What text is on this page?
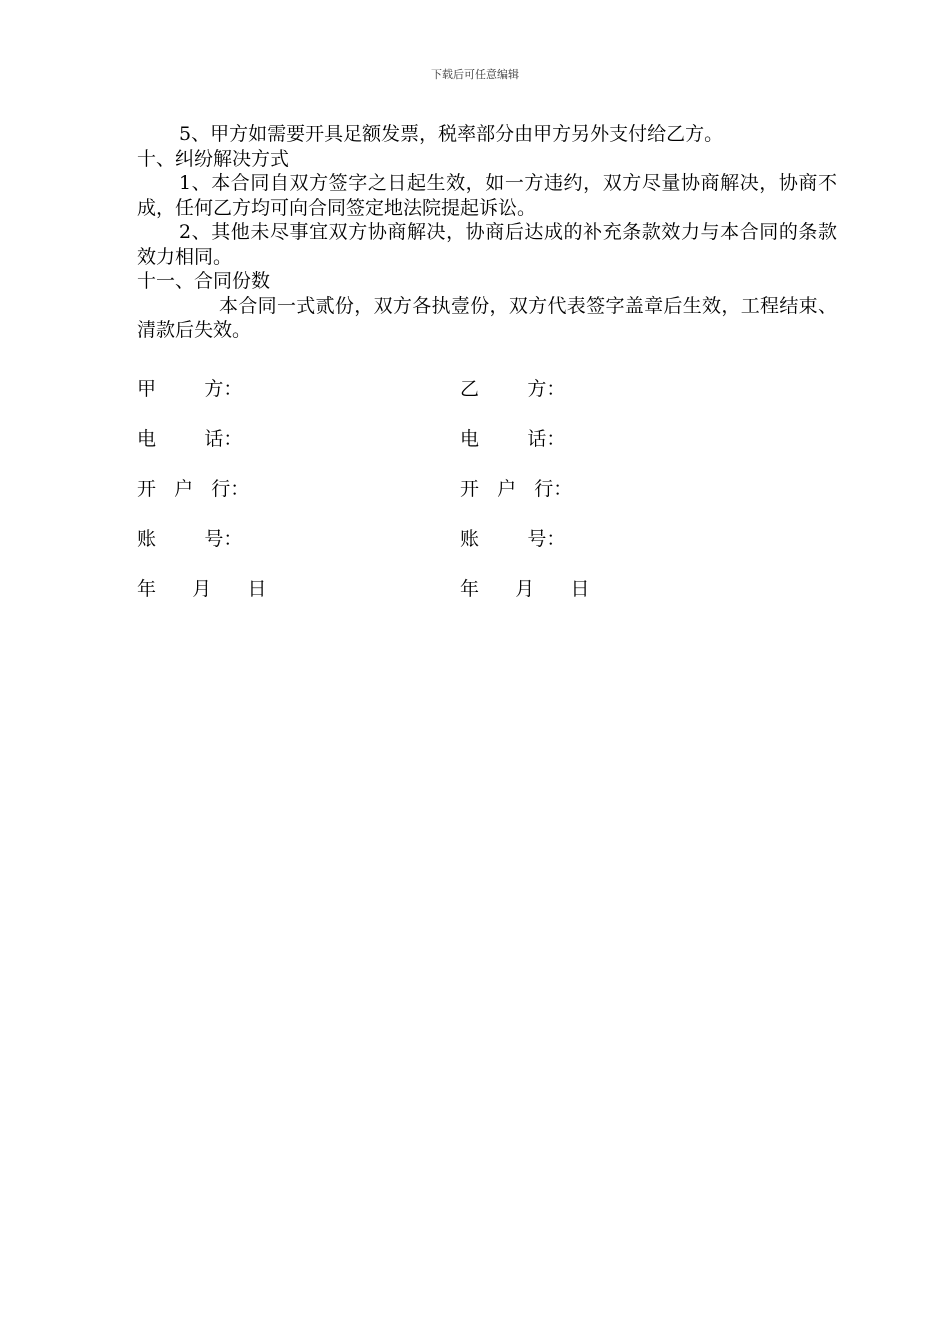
下载后可任意编辑

5、甲方如需要开具足额发票，税率部分由甲方另外支付给乙方。

十、纠纷解决方式

1、本合同自双方签字之日起生效，如一方违约，双方尽量协商解决，协商不成，任何乙方均可向合同签定地法院提起诉讼。

2、其他未尽事宜双方协商解决，协商后达成的补充条款效力与本合同的条款效力相同。

十一、合同份数

本合同一式贰份，双方各执壹份，双方代表签字盖章后生效，工程结束、清款后失效。

甲        方：	乙        方：
电        话：	电        话：
开   户   行：	开   户   行：
账        号：	账        号：
年      月      日	年      月      日
